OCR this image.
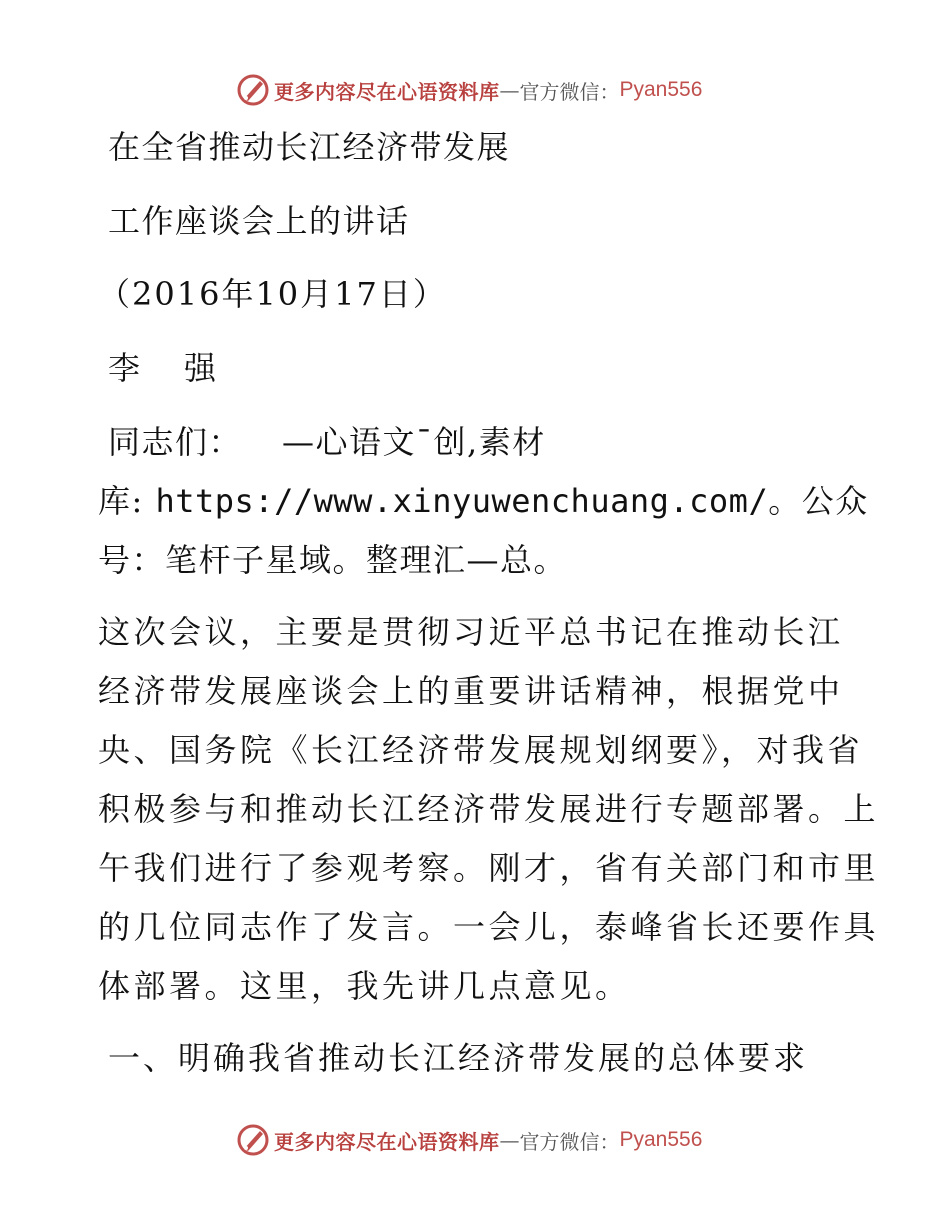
更多内容尽在心语资料库 — 官方微信： Pyan556

在全省推动长江经济带发展

工作座谈会上的讲话

（2016年10月17日）

李　强

同志们： —心语文¯创,素材

库: https://www.xinyuwenchuang.com/。公众

号：笔杆子星域。整理汇—总。

这次会议，主要是贯彻习近平总书记在推动长江

经济带发展座谈会上的重要讲话精神，根据党中

央、国务院《长江经济带发展规划纲要》，对我省

积极参与和推动长江经济带发展进行专题部署。上

午我们进行了参观考察。刚才，省有关部门和市里

的几位同志作了发言。一会儿，泰峰省长还要作具

体部署。这里，我先讲几点意见。

一、明确我省推动长江经济带发展的总体要求

更多内容尽在心语资料库 — 官方微信： Pyan556
